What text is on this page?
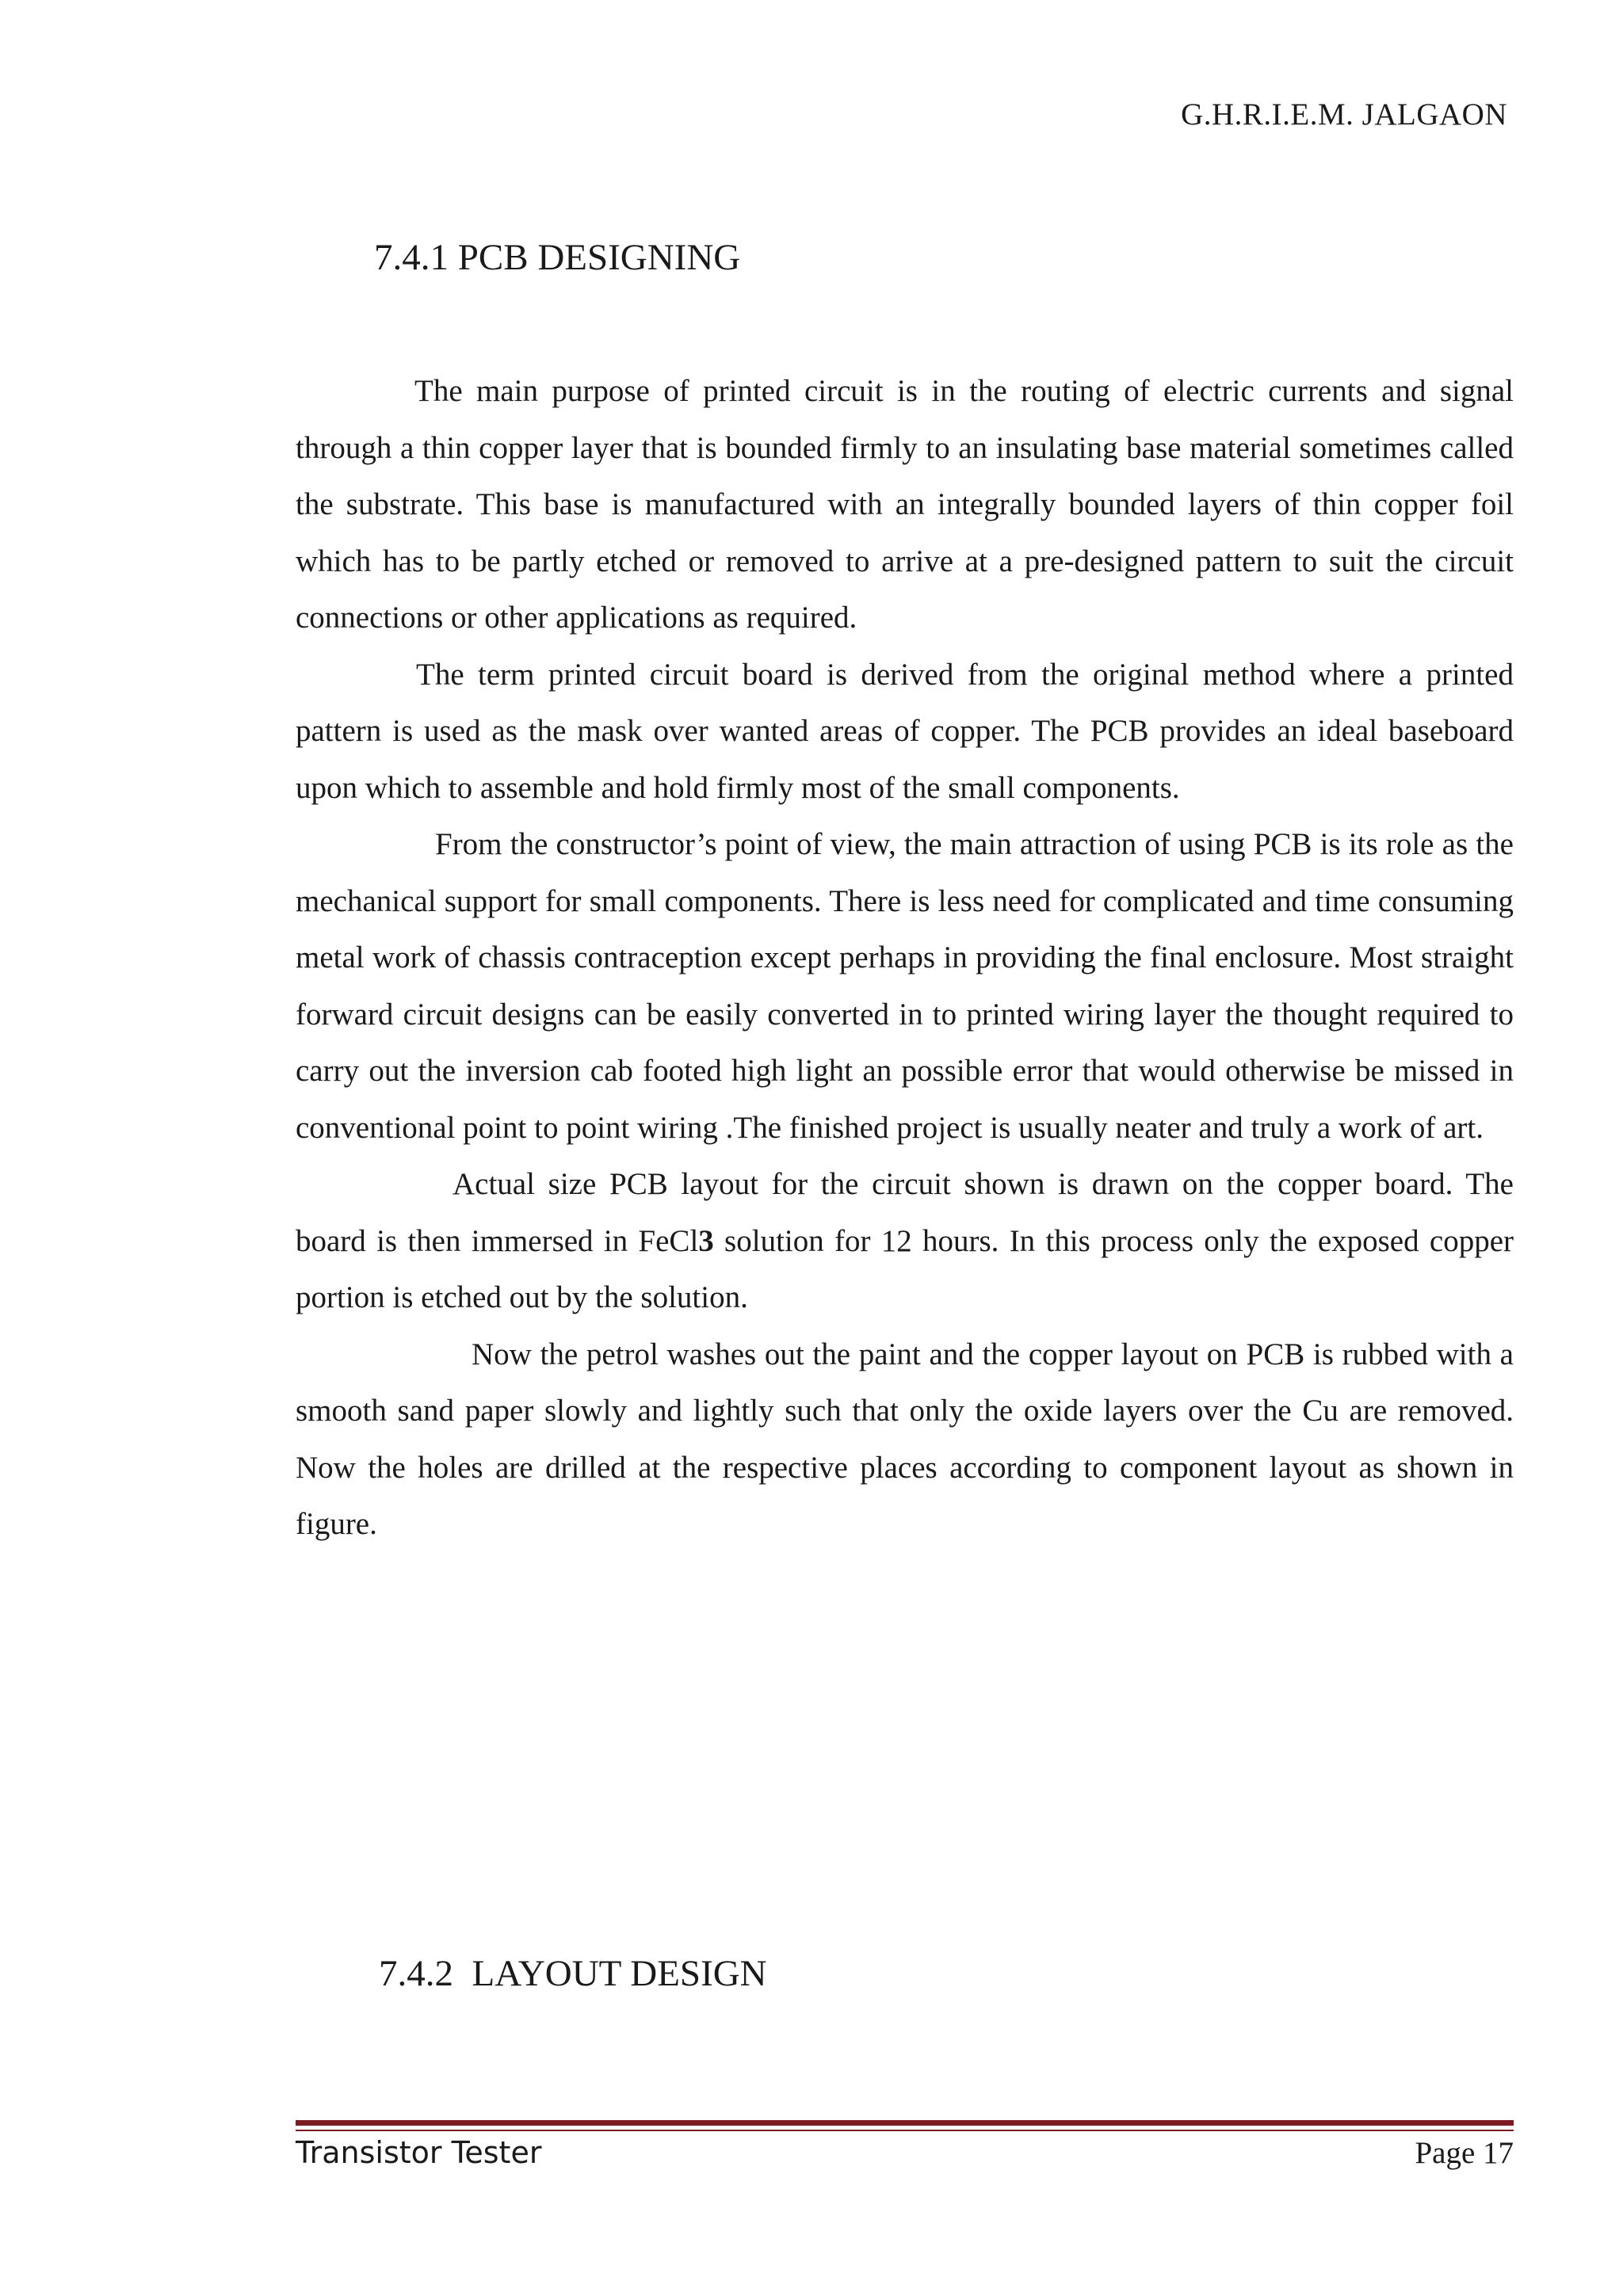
G.H.R.I.E.M. JALGAON
7.4.1 PCB DESIGNING

The main purpose of printed circuit is in the routing of electric currents and signal through a thin copper layer that is bounded firmly to an insulating base material sometimes called the substrate. This base is manufactured with an integrally bounded layers of thin copper foil which has to be partly etched or removed to arrive at a pre-designed pattern to suit the circuit connections or other applications as required.

The term printed circuit board is derived from the original method where a printed pattern is used as the mask over wanted areas of copper. The PCB provides an ideal baseboard upon which to assemble and hold firmly most of the small components.

From the constructor’s point of view, the main attraction of using PCB is its role as the mechanical support for small components. There is less need for complicated and time consuming metal work of chassis contraception except perhaps in providing the final enclosure. Most straight forward circuit designs can be easily converted in to printed wiring layer the thought required to carry out the inversion cab footed high light an possible error that would otherwise be missed in conventional point to point wiring .The finished project is usually neater and truly a work of art.

Actual size PCB layout for the circuit shown is drawn on the copper board. The board is then immersed in FeCl3 solution for 12 hours. In this process only the exposed copper portion is etched out by the solution.

Now the petrol washes out the paint and the copper layout on PCB is rubbed with a smooth sand paper slowly and lightly such that only the oxide layers over the Cu are removed. Now the holes are drilled at the respective places according to component layout as shown in figure.

7.4.2  LAYOUT DESIGN
Transistor Tester	Page 17
